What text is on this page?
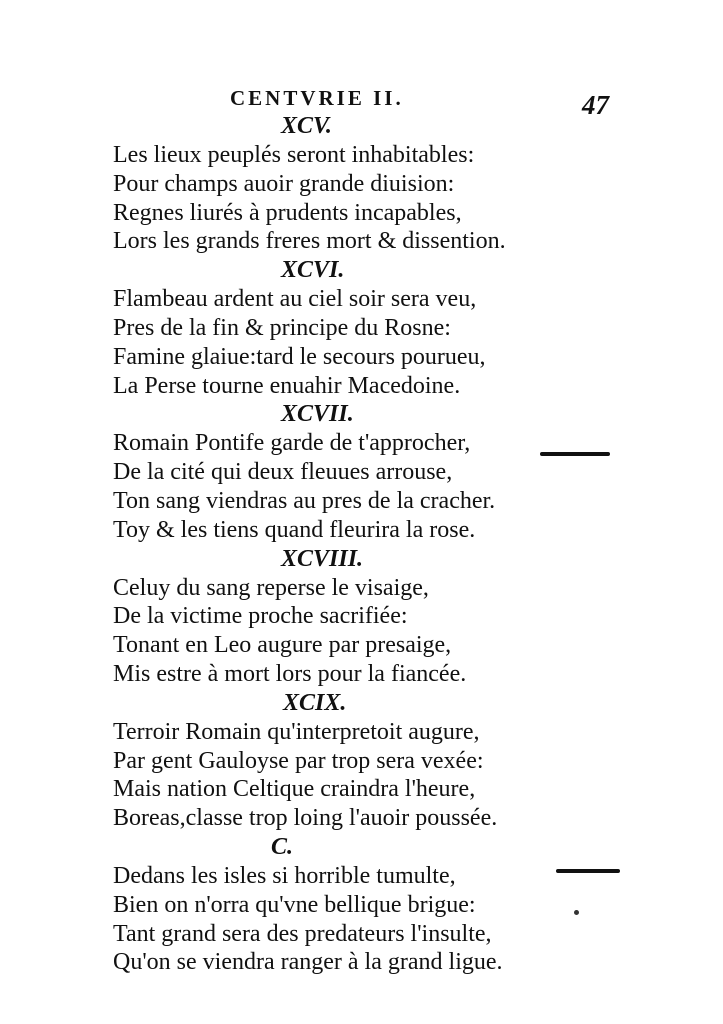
CENTVRIE II.	47
XCV.
Les lieux peuplés seront inhabitables:
Pour champs auoir grande diuision:
Regnes liurés à prudents incapables,
Lors les grands freres mort & dissention.
XCVI.
Flambeau ardent au ciel soir sera veu,
Pres de la fin & principe du Rosne:
Famine glaiue:tard le secours pourueu,
La Perse tourne enuahir Macedoine.
XCVII.
Romain Pontife garde de t'approcher,
De la cité qui deux fleuues arrouse,
Ton sang viendras au pres de la cracher.
Toy & les tiens quand fleurira la rose.
XCVIII.
Celuy du sang reperse le visaige,
De la victime proche sacrifiée:
Tonant en Leo augure par presaige,
Mis estre à mort lors pour la fiancée.
XCIX.
Terroir Romain qu'interpretoit augure,
Par gent Gauloyse par trop sera vexée:
Mais nation Celtique craindra l'heure,
Boreas,classe trop loing l'auoir poussée.
C.
Dedans les isles si horrible tumulte,
Bien on n'orra qu'vne bellique brigue:
Tant grand sera des predateurs l'insulte,
Qu'on se viendra ranger à la grand ligue.
